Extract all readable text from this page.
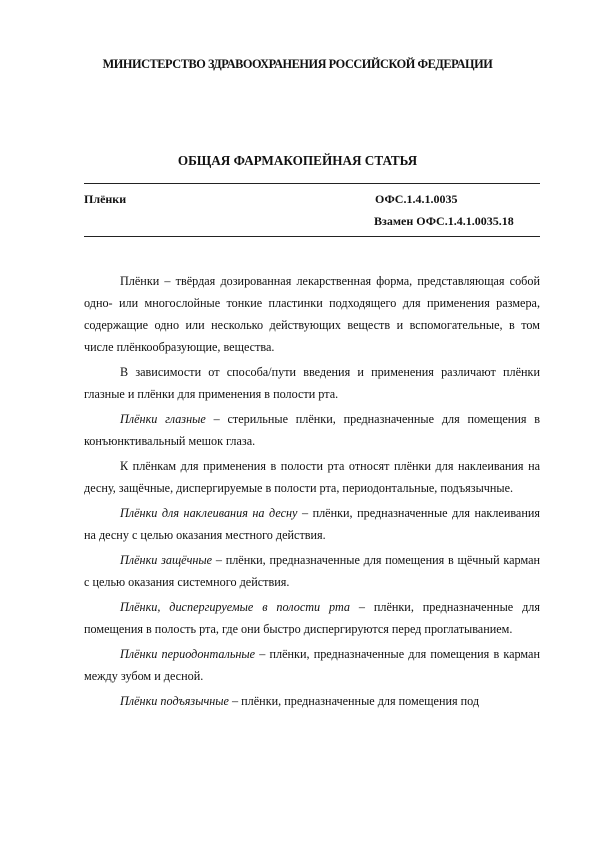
МИНИСТЕРСТВО ЗДРАВООХРАНЕНИЯ РОССИЙСКОЙ ФЕДЕРАЦИИ
ОБЩАЯ ФАРМАКОПЕЙНАЯ СТАТЬЯ
Плёнки	ОФС.1.4.1.0035
Взамен ОФС.1.4.1.0035.18

Плёнки – твёрдая дозированная лекарственная форма, представляющая собой одно- или многослойные тонкие пластинки подходящего для применения размера, содержащие одно или несколько действующих веществ и вспомогательные, в том числе плёнкообразующие, вещества.

В зависимости от способа/пути введения и применения различают плёнки глазные и плёнки для применения в полости рта.

Плёнки глазные – стерильные плёнки, предназначенные для помещения в конъюнктивальный мешок глаза.

К плёнкам для применения в полости рта относят плёнки для наклеивания на десну, защёчные, диспергируемые в полости рта, периодонтальные, подъязычные.

Плёнки для наклеивания на десну – плёнки, предназначенные для наклеивания на десну с целью оказания местного действия.

Плёнки защёчные – плёнки, предназначенные для помещения в щёчный карман с целью оказания системного действия.

Плёнки, диспергируемые в полости рта – плёнки, предназначенные для помещения в полость рта, где они быстро диспергируются перед проглатыванием.

Плёнки периодонтальные – плёнки, предназначенные для помещения в карман между зубом и десной.

Плёнки подъязычные – плёнки, предназначенные для помещения под
